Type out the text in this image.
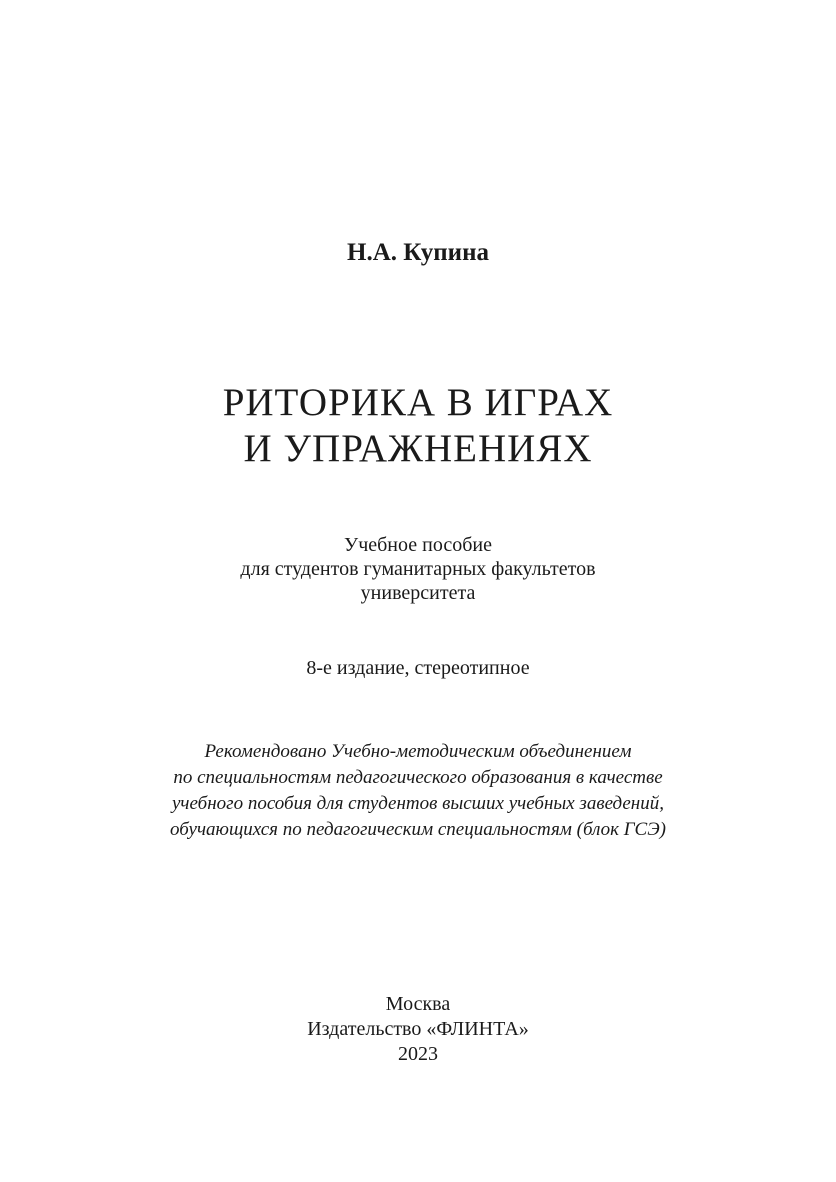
Н.А. Купина
РИТОРИКА В ИГРАХ
И УПРАЖНЕНИЯХ
Учебное пособие
для студентов гуманитарных факультетов
университета
8-е издание, стереотипное
Рекомендовано Учебно-методическим объединением
по специальностям педагогического образования в качестве
учебного пособия для студентов высших учебных заведений,
обучающихся по педагогическим специальностям (блок ГСЭ)
Москва
Издательство «ФЛИНТА»
2023
